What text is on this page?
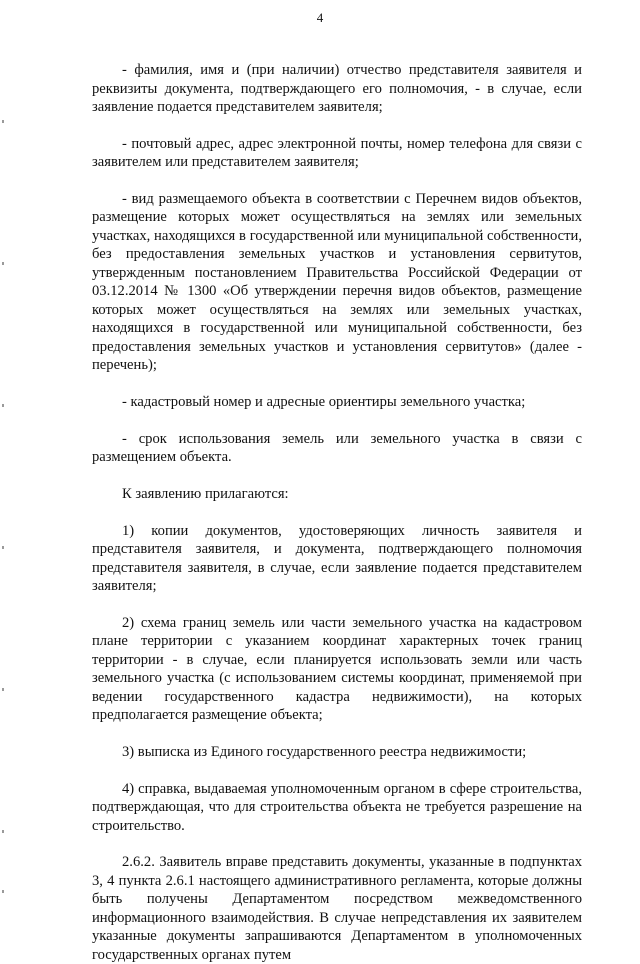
4

- фамилия, имя и (при наличии) отчество представителя заявителя и реквизиты документа, подтверждающего его полномочия, - в случае, если заявление подается представителем заявителя;

- почтовый адрес, адрес электронной почты, номер телефона для связи с заявителем или представителем заявителя;

- вид размещаемого объекта в соответствии с Перечнем видов объектов, размещение которых может осуществляться на землях или земельных участках, находящихся в государственной или муниципальной собственности, без предоставления земельных участков и установления сервитутов, утвержденным постановлением Правительства Российской Федерации от 03.12.2014 № 1300 «Об утверждении перечня видов объектов, размещение которых может осуществляться на землях или земельных участках, находящихся в государственной или муниципальной собственности, без предоставления земельных участков и установления сервитутов» (далее - перечень);

- кадастровый номер и адресные ориентиры земельного участка;

- срок использования земель или земельного участка в связи с размещением объекта.

К заявлению прилагаются:

1) копии документов, удостоверяющих личность заявителя и представителя заявителя, и документа, подтверждающего полномочия представителя заявителя, в случае, если заявление подается представителем заявителя;

2) схема границ земель или части земельного участка на кадастровом плане территории с указанием координат характерных точек границ территории - в случае, если планируется использовать земли или часть земельного участка (с использованием системы координат, применяемой при ведении государственного кадастра недвижимости), на которых предполагается размещение объекта;

3) выписка из Единого государственного реестра недвижимости;

4) справка, выдаваемая уполномоченным органом в сфере строительства, подтверждающая, что для строительства объекта не требуется разрешение на строительство.

2.6.2. Заявитель вправе представить документы, указанные в подпунктах 3, 4 пункта 2.6.1 настоящего административного регламента, которые должны быть получены Департаментом посредством межведомственного информационного взаимодействия. В случае непредставления их заявителем указанные документы запрашиваются Департаментом в уполномоченных государственных органах путем
